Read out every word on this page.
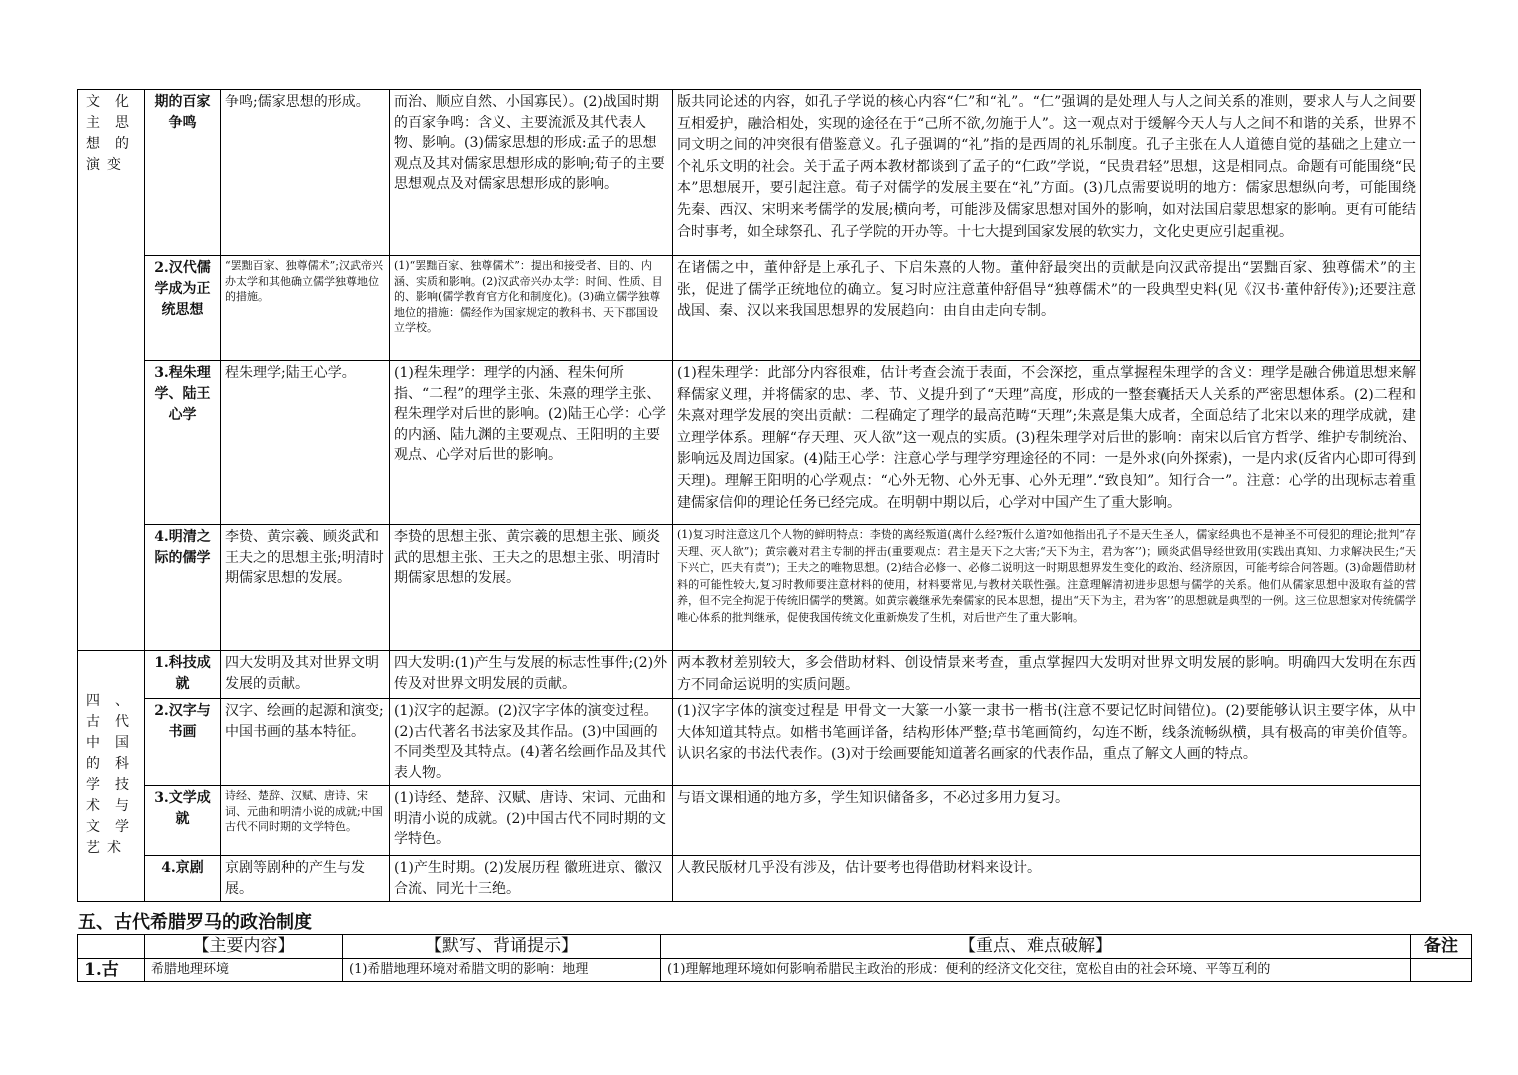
文化主思想的演变	期的百家争鸣	争鸣;儒家思想的形成。	而治、顺应自然、小国寡民）。(2)战国时期的百家争鸣：含义、主要流派及其代表人物、影响。(3)儒家思想的形成:孟子的思想观点及其对儒家思想形成的影响;荀子的主要思想观点及对儒家思想形成的影响。	版共同论述的内容，如孔子学说的核心内容“仁”和“礼”。“仁”强调的是处理人与人之间关系的准则，要求人与人之间要互相爱护，融洽相处，实现的途径在于“己所不欲,勿施于人”。这一观点对于缓解今天人与人之间不和谐的关系，世界不同文明之间的冲突很有借鉴意义。孔子强调的“礼”指的是西周的礼乐制度。孔子主张在人人道德自觉的基础之上建立一个礼乐文明的社会。关于孟子两本教材都谈到了孟子的“仁政”学说，“民贵君轻”思想，这是相同点。命题有可能围绕“民本”思想展开，要引起注意。荀子对儒学的发展主要在“礼”方面。(3)几点需要说明的地方：儒家思想纵向考，可能围绕先秦、西汉、宋明来考儒学的发展;横向考，可能涉及儒家思想对国外的影响，如对法国启蒙思想家的影响。更有可能结合时事考，如全球祭孔、孔子学院的开办等。十七大提到国家发展的软实力，文化史更应引起重视。
	2.汉代儒学成为正统思想	“罢黜百家、独尊儒术”;汉武帝兴办太学和其他确立儒学独尊地位的措施。	(1)“罢黜百家、独尊儒术”：提出和接受者、目的、内涵、实质和影响。(2)汉武帝兴办太学：时间、性质、目的、影响(儒学教育官方化和制度化)。(3)确立儒学独尊地位的措施：儒经作为国家规定的教科书、天下郡国设立学校。	在诸儒之中，董仲舒是上承孔子、下启朱熹的人物。董仲舒最突出的贡献是向汉武帝提出“罢黜百家、独尊儒术”的主张，促进了儒学正统地位的确立。复习时应注意董仲舒倡导“独尊儒术”的一段典型史料(见《汉书·董仲舒传》);还要注意战国、秦、汉以来我国思想界的发展趋向：由自由走向专制。
	3.程朱理学、陆王心学	程朱理学;陆王心学。	(1)程朱理学：理学的内涵、程朱何所指、“二程”的理学主张、朱熹的理学主张、程朱理学对后世的影响。(2)陆王心学：心学的内涵、陆九渊的主要观点、王阳明的主要观点、心学对后世的影响。	(1)程朱理学：此部分内容很难，估计考查会流于表面，不会深挖，重点掌握程朱理学的含义：理学是融合佛道思想来解释儒家义理，并将儒家的忠、孝、节、义提升到了“天理”高度，形成的一整套囊括天人关系的严密思想体系。(2)二程和朱熹对理学发展的突出贡献：二程确定了理学的最高范畴“天理”;朱熹是集大成者，全面总结了北宋以来的理学成就，建立理学体系。理解“存天理、灭人欲”这一观点的实质。(3)程朱理学对后世的影响：南宋以后官方哲学、维护专制统治、影响远及周边国家。(4)陆王心学：注意心学与理学穷理途径的不同：一是外求(向外探索)，一是内求(反省内心即可得到天理)。理解王阳明的心学观点：“心外无物、心外无事、心外无理”.“致良知”。知行合一”。注意：心学的出现标志着重建儒家信仰的理论任务已经完成。在明朝中期以后，心学对中国产生了重大影响。
	4.明清之际的儒学	李贽、黄宗羲、顾炎武和王夫之的思想主张;明清时期儒家思想的发展。	李贽的思想主张、黄宗羲的思想主张、顾炎武的思想主张、王夫之的思想主张、明清时期儒家思想的发展。	(1)复习时注意这几个人物的鲜明特点：李贽的离经叛道(离什么经?叛什么道?如他指出孔子不是天生圣人，儒家经典也不是神圣不可侵犯的理论;批判“存天理、灭人欲”)；黄宗羲对君主专制的抨击(重要观点：君主是天下之大害;“天下为主，君为客’’)；顾炎武倡导经世致用(实践出真知、力求解决民生;“天下兴亡，匹夫有责”)；王夫之的唯物思想。(2)结合必修一、必修二说明这一时期思想界发生变化的政治、经济原因，可能考综合问答题。(3)命题借助材料的可能性较大,复习时教师要注意材料的使用，材料要常见,与教材关联性强。注意理解清初进步思想与儒学的关系。他们从儒家思想中汲取有益的营养，但不完全拘泥于传统旧儒学的樊篱。如黄宗羲继承先秦儒家的民本思想，提出“天下为主，君为客’’的思想就是典型的一例。这三位思想家对传统儒学唯心体系的批判继承，促使我国传统文化重新焕发了生机，对后世产生了重大影响。
四、古代中国的科学技术与文学艺术	1.科技成就	四大发明及其对世界文明发展的贡献。	四大发明:(1)产生与发展的标志性事件;(2)外传及对世界文明发展的贡献。	两本教材差别较大，多会借助材料、创设情景来考查，重点掌握四大发明对世界文明发展的影响。明确四大发明在东西方不同命运说明的实质问题。
	2.汉字与书画	汉字、绘画的起源和演变;中国书画的基本特征。	(1)汉字的起源。(2)汉字字体的演变过程。(2)古代著名书法家及其作品。(3)中国画的不同类型及其特点。(4)著名绘画作品及其代表人物。	(1)汉字字体的演变过程是 甲骨文一大篆一小篆一隶书一楷书(注意不要记忆时间错位)。(2)要能够认识主要字体，从中大体知道其特点。如楷书笔画详备，结构形体严整;草书笔画简约，勾连不断，线条流畅纵横，具有极高的审美价值等。认识名家的书法代表作。(3)对于绘画要能知道著名画家的代表作品，重点了解文人画的特点。
	3.文学成就	诗经、楚辞、汉赋、唐诗、宋词、元曲和明清小说的成就;中国古代不同时期的文学特色。	(1)诗经、楚辞、汉赋、唐诗、宋词、元曲和明清小说的成就。(2)中国古代不同时期的文学特色。	与语文课相通的地方多，学生知识储备多，不必过多用力复习。
	4.京剧	京剧等剧种的产生与发展。	(1)产生时期。(2)发展历程 徽班进京、徽汉合流、同光十三绝。	人教民版材几乎没有涉及，估计要考也得借助材料来设计。
五、古代希腊罗马的政治制度
	【主要内容】	【默写、背诵提示】	【重点、难点破解】	备注
1.古	希腊地理环境	(1)希腊地理环境对希腊文明的影响：地理	(1)理解地理环境如何影响希腊民主政治的形成：便利的经济文化交往，宽松自由的社会环境、平等互利的	
